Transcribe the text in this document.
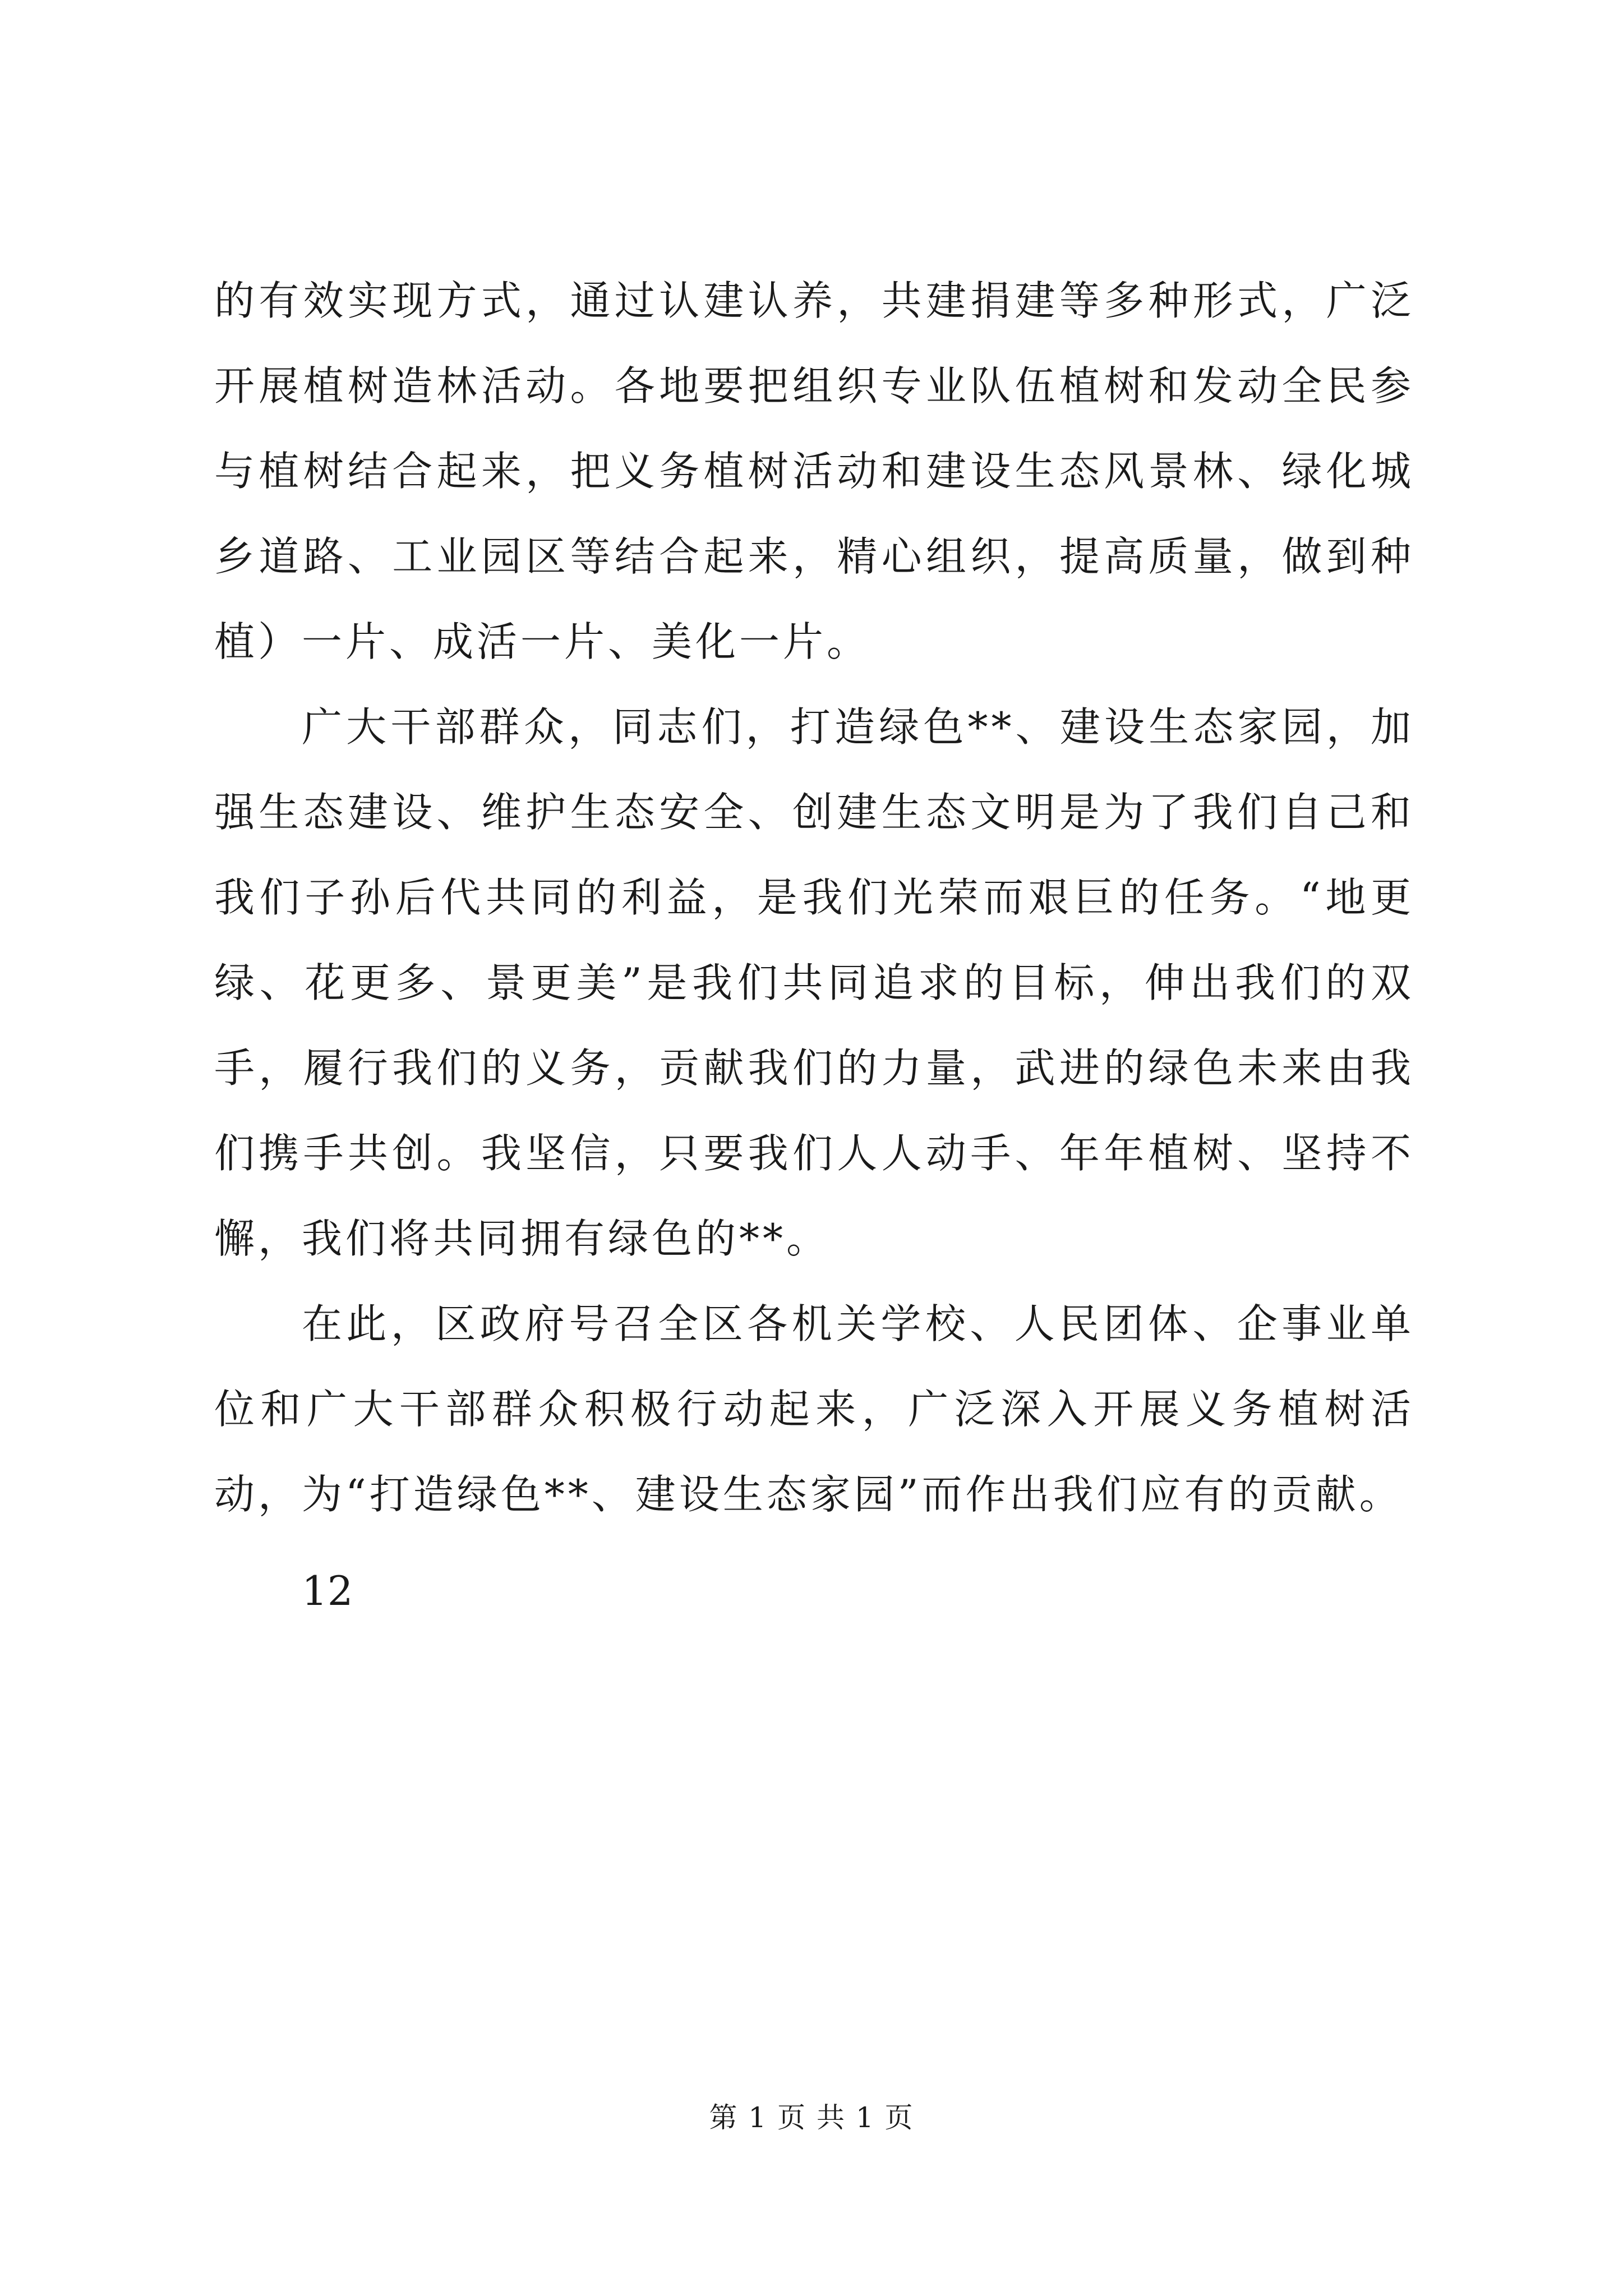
的有效实现方式，通过认建认养，共建捐建等多种形式，广泛开展植树造林活动。各地要把组织专业队伍植树和发动全民参与植树结合起来，把义务植树活动和建设生态风景林、绿化城乡道路、工业园区等结合起来，精心组织，提高质量，做到种植）一片、成活一片、美化一片。

广大干部群众，同志们，打造绿色**、建设生态家园，加强生态建设、维护生态安全、创建生态文明是为了我们自己和我们子孙后代共同的利益，是我们光荣而艰巨的任务。“地更绿、花更多、景更美”是我们共同追求的目标，伸出我们的双手，履行我们的义务，贡献我们的力量，武进的绿色未来由我们携手共创。我坚信，只要我们人人动手、年年植树、坚持不懈，我们将共同拥有绿色的**。

在此，区政府号召全区各机关学校、人民团体、企事业单位和广大干部群众积极行动起来，广泛深入开展义务植树活动，为“打造绿色**、建设生态家园”而作出我们应有的贡献。

12

第 1 页 共 1 页
